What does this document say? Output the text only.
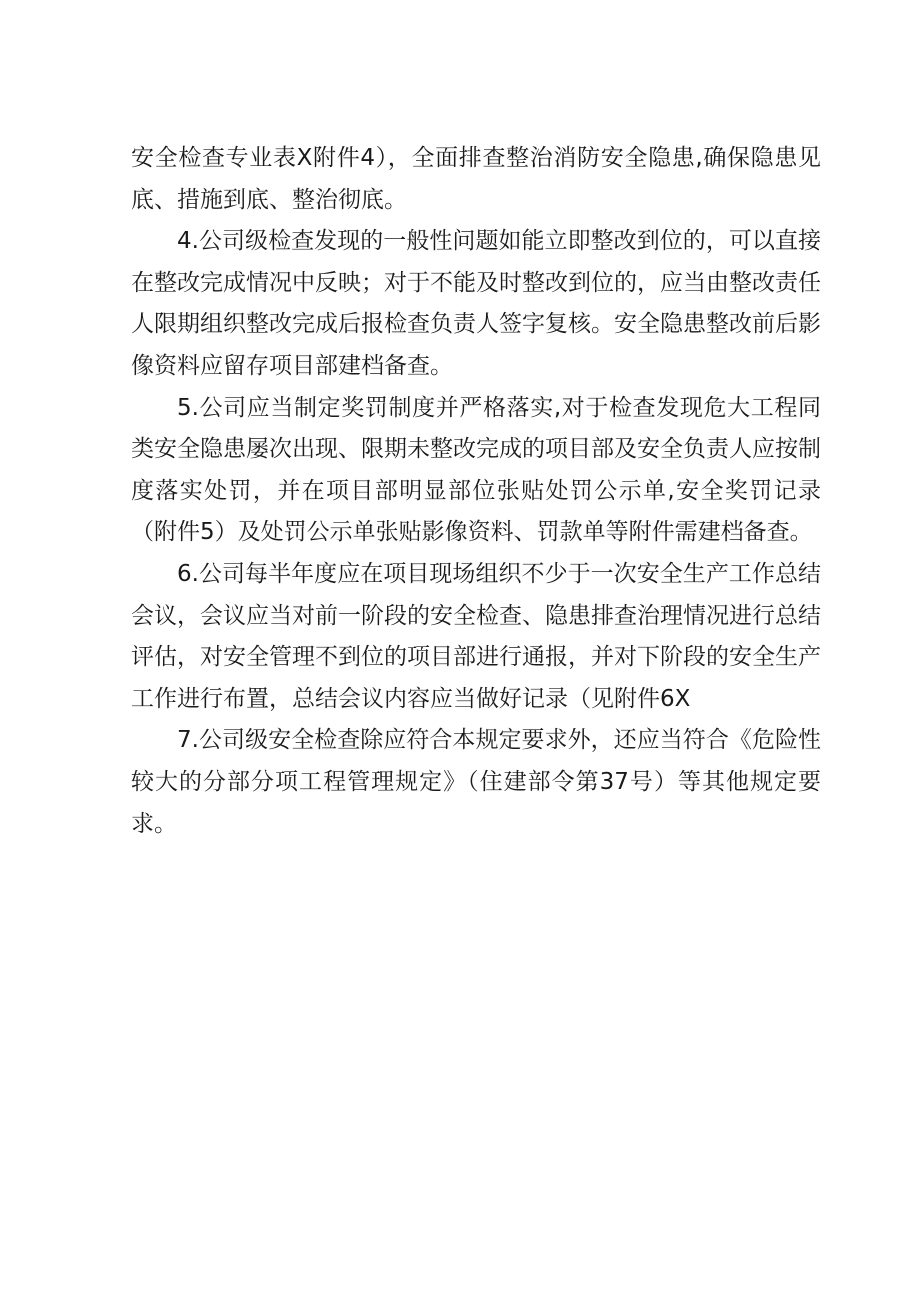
安全检查专业表X附件4），全面排查整治消防安全隐患,确保隐患见底、措施到底、整治彻底。

4.公司级检查发现的一般性问题如能立即整改到位的，可以直接在整改完成情况中反映；对于不能及时整改到位的，应当由整改责任人限期组织整改完成后报检查负责人签字复核。安全隐患整改前后影像资料应留存项目部建档备查。

5.公司应当制定奖罚制度并严格落实,对于检查发现危大工程同类安全隐患屡次出现、限期未整改完成的项目部及安全负责人应按制度落实处罚，并在项目部明显部位张贴处罚公示单,安全奖罚记录（附件5）及处罚公示单张贴影像资料、罚款单等附件需建档备查。

6.公司每半年度应在项目现场组织不少于一次安全生产工作总结会议，会议应当对前一阶段的安全检查、隐患排查治理情况进行总结评估，对安全管理不到位的项目部进行通报，并对下阶段的安全生产工作进行布置，总结会议内容应当做好记录（见附件6X

7.公司级安全检查除应符合本规定要求外，还应当符合《危险性较大的分部分项工程管理规定》（住建部令第37号）等其他规定要求。
